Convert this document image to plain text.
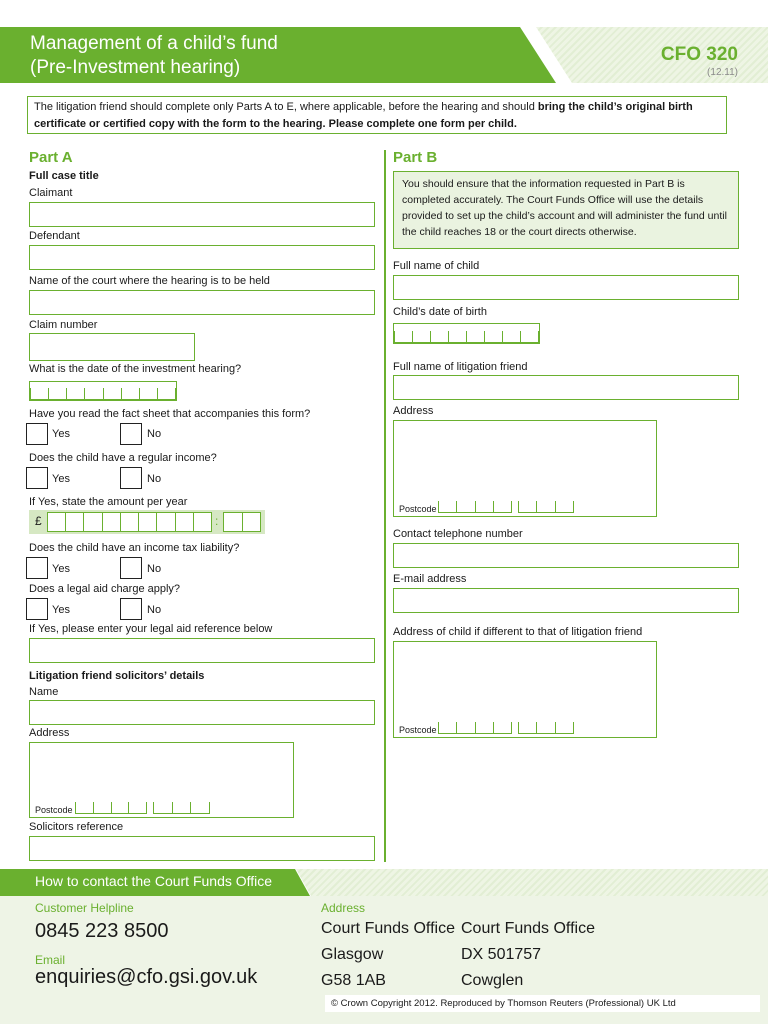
Management of a child’s fund
(Pre-Investment hearing)
CFO 320
(12.11)
The litigation friend should complete only Parts A to E, where applicable, before the hearing and should bring the child’s original birth certificate or certified copy with the form to the hearing. Please complete one form per child.
Part A
Full case title
Claimant
Defendant
Name of the court where the hearing is to be held
Claim number
What is the date of the investment hearing?
Have you read the fact sheet that accompanies this form?
Yes	No
Does the child have a regular income?
Yes	No
If Yes, state the amount per year
£	:
Does the child have an income tax liability?
Yes	No
Does a legal aid charge apply?
Yes	No
If Yes, please enter your legal aid reference below
Litigation friend solicitors’ details
Name
Address
Postcode
Solicitors reference
Part B
You should ensure that the information requested in Part B is completed accurately. The Court Funds Office will use the details provided to set up the child’s account and will administer the fund until the child reaches 18 or the court directs otherwise.
Full name of child
Child’s date of birth
Full name of litigation friend
Address
Postcode
Contact telephone number
E-mail address
Address of child if different to that of litigation friend
Postcode
How to contact the Court Funds Office
Customer Helpline
0845 223 8500
Email
enquiries@cfo.gsi.gov.uk
Address
Court Funds Office
Glasgow
G58 1AB
Court Funds Office
DX 501757
Cowglen
© Crown Copyright 2012. Reproduced by Thomson Reuters (Professional) UK Ltd
